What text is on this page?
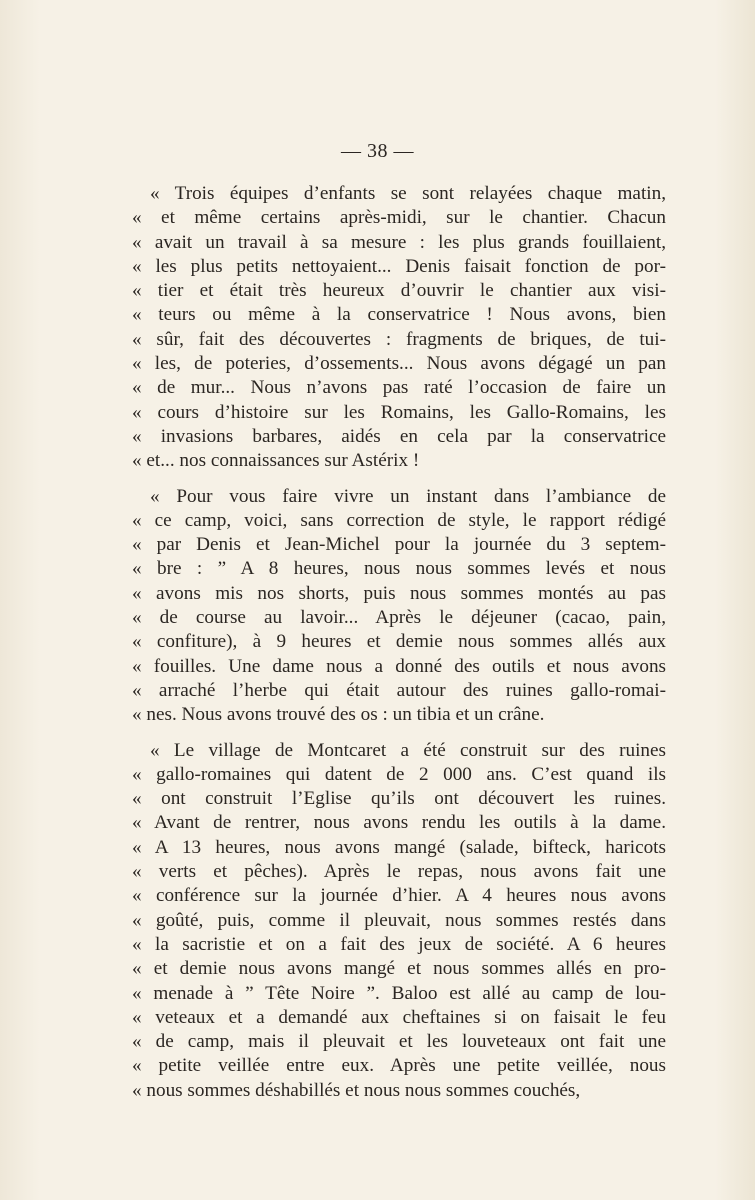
— 38 —
« Trois équipes d’enfants se sont relayées chaque matin,
« et même certains après-midi, sur le chantier. Chacun
« avait un travail à sa mesure : les plus grands fouillaient,
« les plus petits nettoyaient... Denis faisait fonction de por-
« tier et était très heureux d’ouvrir le chantier aux visi-
« teurs ou même à la conservatrice ! Nous avons, bien
« sûr, fait des découvertes : fragments de briques, de tui-
« les, de poteries, d’ossements... Nous avons dégagé un pan
« de mur... Nous n’avons pas raté l’occasion de faire un
« cours d’histoire sur les Romains, les Gallo-Romains, les
« invasions barbares, aidés en cela par la conservatrice
« et... nos connaissances sur Astérix !
« Pour vous faire vivre un instant dans l’ambiance de
« ce camp, voici, sans correction de style, le rapport rédigé
« par Denis et Jean-Michel pour la journée du 3 septem-
« bre : ” A 8 heures, nous nous sommes levés et nous
« avons mis nos shorts, puis nous sommes montés au pas
« de course au lavoir... Après le déjeuner (cacao, pain,
« confiture), à 9 heures et demie nous sommes allés aux
« fouilles. Une dame nous a donné des outils et nous avons
« arraché l’herbe qui était autour des ruines gallo-romai-
« nes. Nous avons trouvé des os : un tibia et un crâne.
« Le village de Montcaret a été construit sur des ruines
« gallo-romaines qui datent de 2 000 ans. C’est quand ils
« ont construit l’Eglise qu’ils ont découvert les ruines.
« Avant de rentrer, nous avons rendu les outils à la dame.
« A 13 heures, nous avons mangé (salade, bifteck, haricots
« verts et pêches). Après le repas, nous avons fait une
« conférence sur la journée d’hier. A 4 heures nous avons
« goûté, puis, comme il pleuvait, nous sommes restés dans
« la sacristie et on a fait des jeux de société. A 6 heures
« et demie nous avons mangé et nous sommes allés en pro-
« menade à ” Tête Noire ”. Baloo est allé au camp de lou-
« veteaux et a demandé aux cheftaines si on faisait le feu
« de camp, mais il pleuvait et les louveteaux ont fait une
« petite veillée entre eux. Après une petite veillée, nous
« nous sommes déshabillés et nous nous sommes couchés,
